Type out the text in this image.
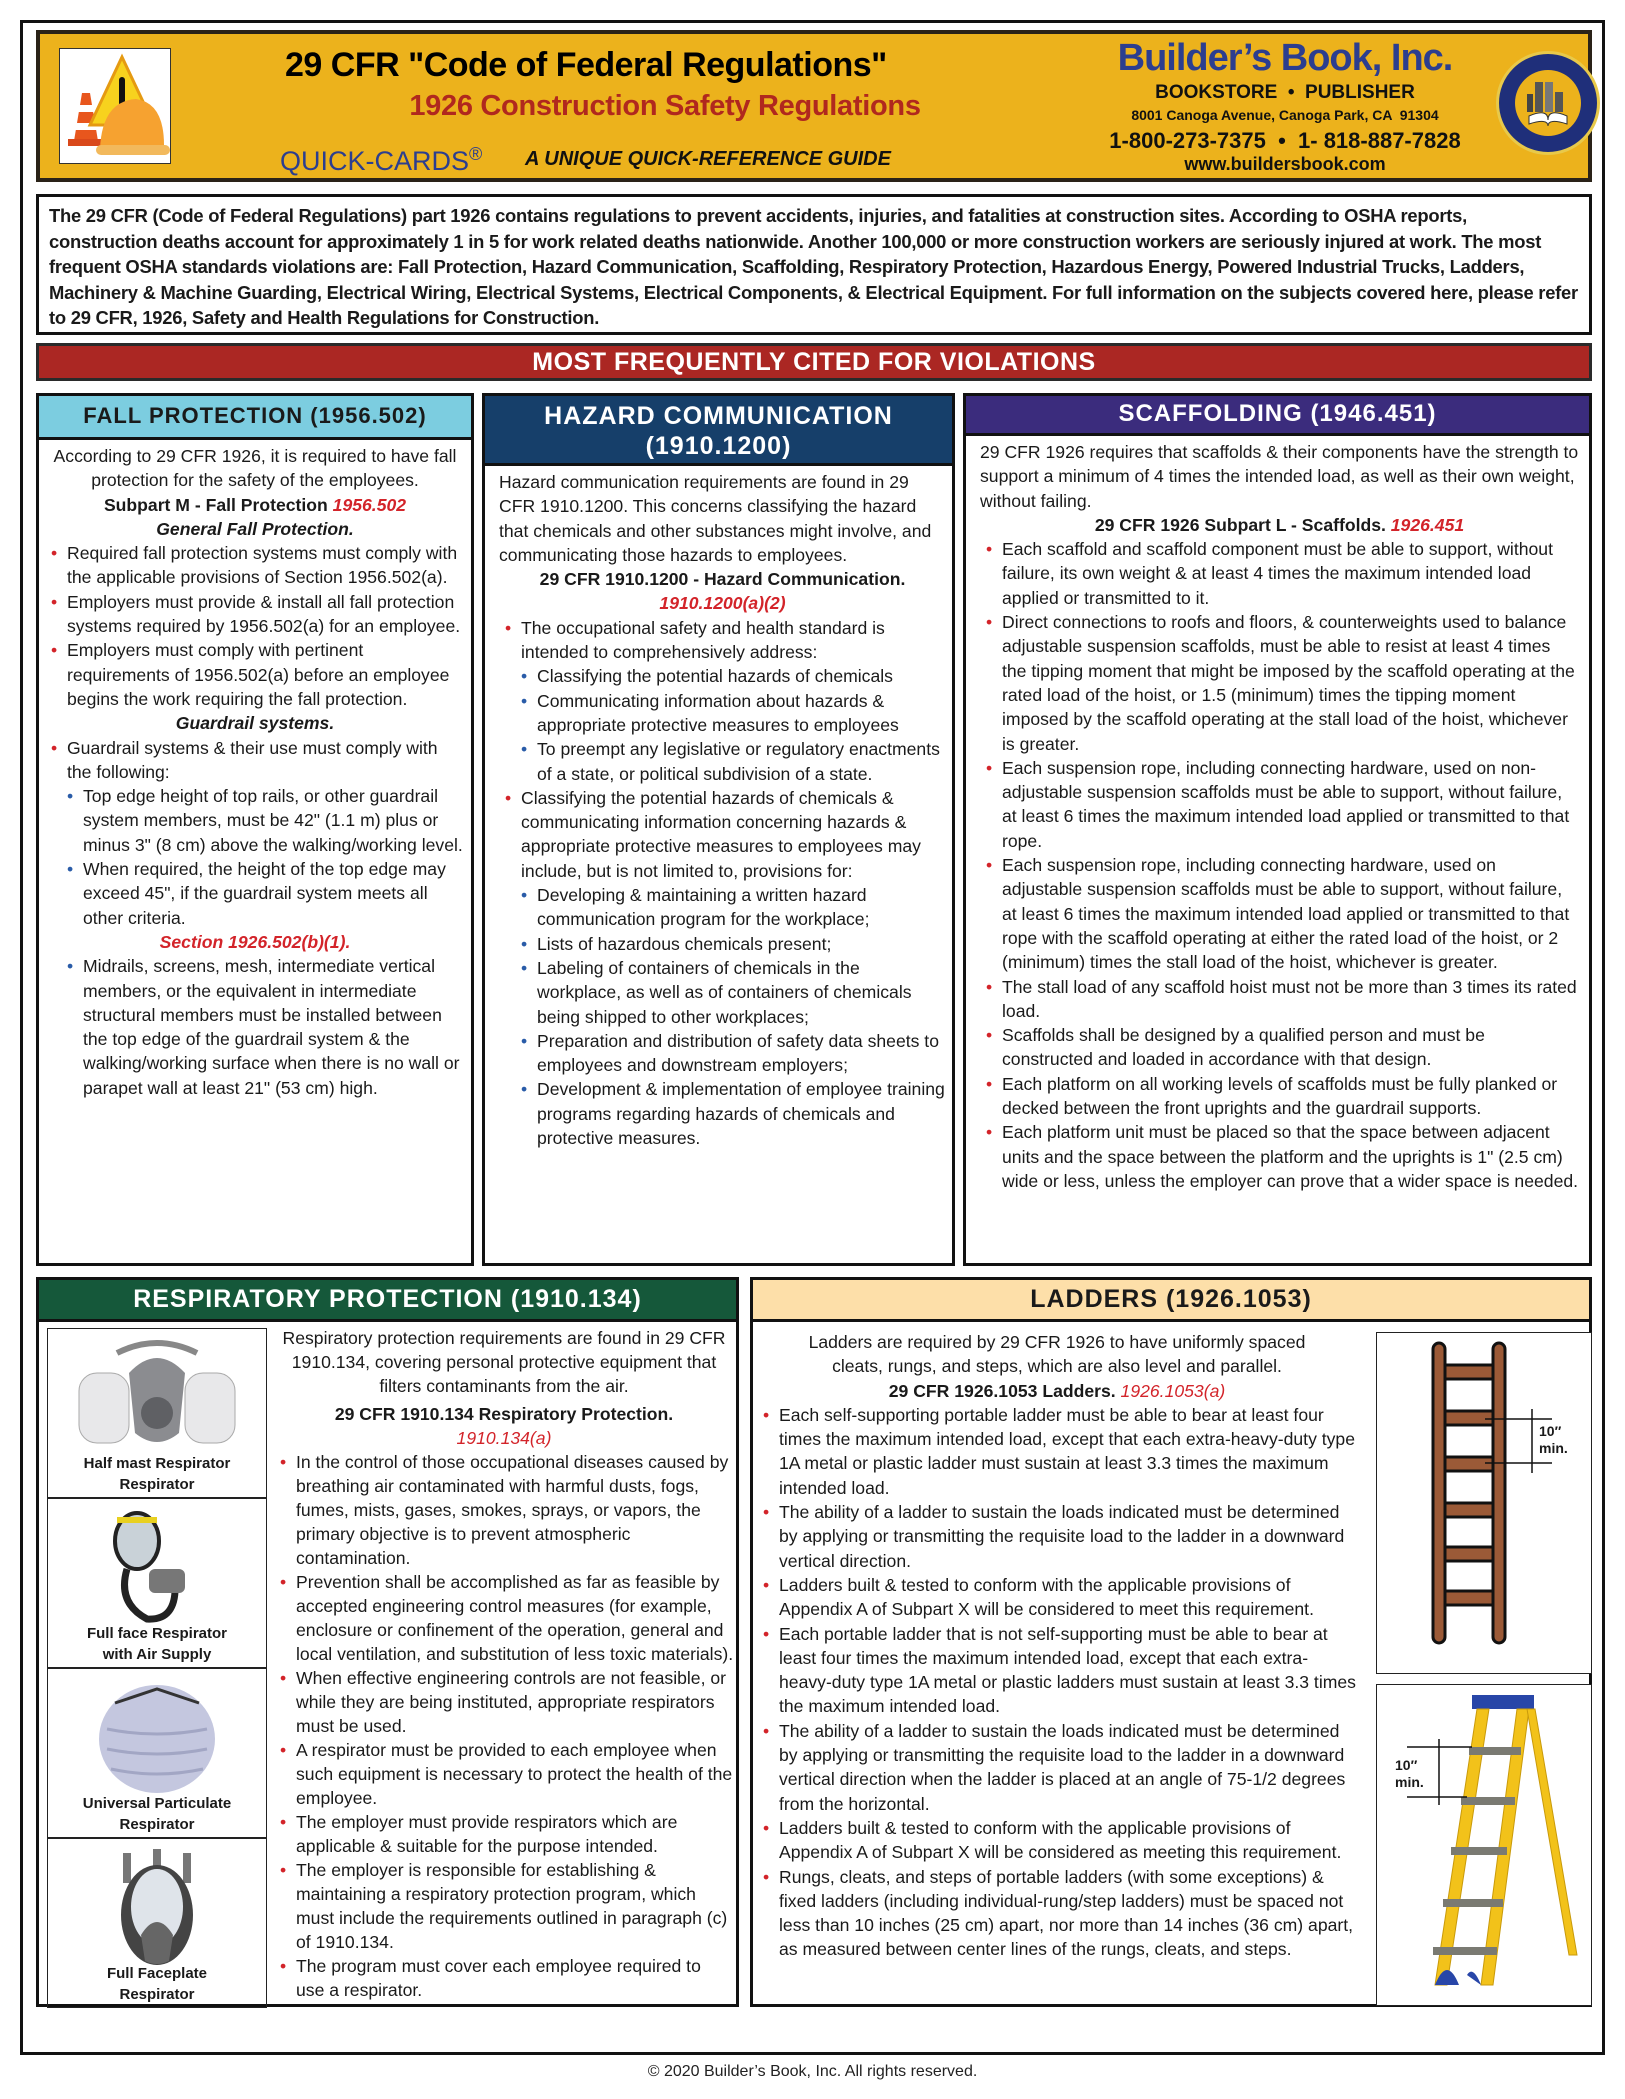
29 CFR "Code of Federal Regulations"
1926 Construction Safety Regulations
QUICK-CARDS® A UNIQUE QUICK-REFERENCE GUIDE
Builder’s Book, Inc.
BOOKSTORE  •  PUBLISHER
8001 Canoga Avenue, Canoga Park, CA  91304
1-800-273-7375  •  1- 818-887-7828
www.buildersbook.com
The 29 CFR (Code of Federal Regulations) part 1926 contains regulations to prevent accidents, injuries, and fatalities at construction sites. According to OSHA reports, construction deaths account for approximately 1 in 5 for work related deaths nationwide. Another 100,000 or more construction workers are seriously injured at work. The most frequent OSHA standards violations are: Fall Protection, Hazard Communication, Scaffolding, Respiratory Protection, Hazardous Energy, Powered Industrial Trucks, Ladders, Machinery & Machine Guarding, Electrical Wiring, Electrical Systems, Electrical Components, & Electrical Equipment. For full information on the subjects covered here, please refer to 29 CFR, 1926, Safety and Health Regulations for Construction.
MOST FREQUENTLY CITED FOR VIOLATIONS
FALL PROTECTION (1956.502)
According to 29 CFR 1926, it is required to have fall protection for the safety of the employees.
Subpart M - Fall Protection 1956.502
General Fall Protection.
• Required fall protection systems must comply with the applicable provisions of Section 1956.502(a).
• Employers must provide & install all fall protection systems required by 1956.502(a) for an employee.
• Employers must comply with pertinent requirements of 1956.502(a) before an employee begins the work requiring the fall protection.
Guardrail systems.
• Guardrail systems & their use must comply with the following:
• Top edge height of top rails, or other guardrail system members, must be 42" (1.1 m) plus or minus 3" (8 cm) above the walking/working level.
• When required, the height of the top edge may exceed 45", if the guardrail system meets all other criteria.
Section 1926.502(b)(1).
• Midrails, screens, mesh, intermediate vertical members, or the equivalent in intermediate structural members must be installed between the top edge of the guardrail system & the walking/working surface when there is no wall or parapet wall at least 21" (53 cm) high.
HAZARD COMMUNICATION
(1910.1200)
Hazard communication requirements are found in 29 CFR 1910.1200. This concerns classifying the hazard that chemicals and other substances might involve, and communicating those hazards to employees.
29 CFR 1910.1200 - Hazard Communication.
1910.1200(a)(2)
• The occupational safety and health standard is intended to comprehensively address:
• Classifying the potential hazards of chemicals
• Communicating information about hazards & appropriate protective measures to employees
• To preempt any legislative or regulatory enactments of a state, or political subdivision of a state.
• Classifying the potential hazards of chemicals & communicating information concerning hazards & appropriate protective measures to employees may include, but is not limited to, provisions for:
• Developing & maintaining a written hazard communication program for the workplace;
• Lists of hazardous chemicals present;
• Labeling of containers of chemicals in the workplace, as well as of containers of chemicals being shipped to other workplaces;
• Preparation and distribution of safety data sheets to employees and downstream employers;
• Development & implementation of employee training programs regarding hazards of chemicals and protective measures.
SCAFFOLDING (1946.451)
29 CFR 1926 requires that scaffolds & their components have the strength to support a minimum of 4 times the intended load, as well as their own weight, without failing.
29 CFR 1926 Subpart L - Scaffolds. 1926.451
• Each scaffold and scaffold component must be able to support, without failure, its own weight & at least 4 times the maximum intended load applied or transmitted to it.
• Direct connections to roofs and floors, & counterweights used to balance adjustable suspension scaffolds, must be able to resist at least 4 times the tipping moment that might be imposed by the scaffold operating at the rated load of the hoist, or 1.5 (minimum) times the tipping moment imposed by the scaffold operating at the stall load of the hoist, whichever is greater.
• Each suspension rope, including connecting hardware, used on non-adjustable suspension scaffolds must be able to support, without failure, at least 6 times the maximum intended load applied or transmitted to that rope.
• Each suspension rope, including connecting hardware, used on adjustable suspension scaffolds must be able to support, without failure, at least 6 times the maximum intended load applied or transmitted to that rope with the scaffold operating at either the rated load of the hoist, or 2 (minimum) times the stall load of the hoist, whichever is greater.
• The stall load of any scaffold hoist must not be more than 3 times its rated load.
• Scaffolds shall be designed by a qualified person and must be constructed and loaded in accordance with that design.
• Each platform on all working levels of scaffolds must be fully planked or decked between the front uprights and the guardrail supports.
• Each platform unit must be placed so that the space between adjacent units and the space between the platform and the uprights is 1" (2.5 cm) wide or less, unless the employer can prove that a wider space is needed.
RESPIRATORY PROTECTION (1910.134)
Half mast Respirator
Respirator
Full face Respirator
with Air Supply
Universal Particulate
Respirator
Full Faceplate
Respirator
Respiratory protection requirements are found in 29 CFR 1910.134, covering personal protective equipment that filters contaminants from the air.
29 CFR 1910.134 Respiratory Protection.
1910.134(a)
• In the control of those occupational diseases caused by breathing air contaminated with harmful dusts, fogs, fumes, mists, gases, smokes, sprays, or vapors, the primary objective is to prevent atmospheric contamination.
• Prevention shall be accomplished as far as feasible by accepted engineering control measures (for example, enclosure or confinement of the operation, general and local ventilation, and substitution of less toxic materials).
• When effective engineering controls are not feasible, or while they are being instituted, appropriate respirators must be used.
• A respirator must be provided to each employee when such equipment is necessary to protect the health of the employee.
• The employer must provide respirators which are applicable & suitable for the purpose intended.
• The employer is responsible for establishing & maintaining a respiratory protection program, which must include the requirements outlined in paragraph (c) of 1910.134.
• The program must cover each employee required to use a respirator.
LADDERS (1926.1053)
Ladders are required by 29 CFR 1926 to have uniformly spaced cleats, rungs, and steps, which are also level and parallel.
29 CFR 1926.1053 Ladders. 1926.1053(a)
• Each self-supporting portable ladder must be able to bear at least four times the maximum intended load, except that each extra-heavy-duty type 1A metal or plastic ladder must sustain at least 3.3 times the maximum intended load.
• The ability of a ladder to sustain the loads indicated must be determined by applying or transmitting the requisite load to the ladder in a downward vertical direction.
• Ladders built & tested to conform with the applicable provisions of Appendix A of Subpart X will be considered to meet this requirement.
• Each portable ladder that is not self-supporting must be able to bear at least four times the maximum intended load, except that each extra-heavy-duty type 1A metal or plastic ladders must sustain at least 3.3 times the maximum intended load.
• The ability of a ladder to sustain the loads indicated must be determined by applying or transmitting the requisite load to the ladder in a downward vertical direction when the ladder is placed at an angle of 75-1/2 degrees from the horizontal.
• Ladders built & tested to conform with the applicable provisions of Appendix A of Subpart X will be considered as meeting this requirement.
• Rungs, cleats, and steps of portable ladders (with some exceptions) & fixed ladders (including individual-rung/step ladders) must be spaced not less than 10 inches (25 cm) apart, nor more than 14 inches (36 cm) apart, as measured between center lines of the rungs, cleats, and steps.
10″
min.
10″
min.
© 2020 Builder’s Book, Inc. All rights reserved.
